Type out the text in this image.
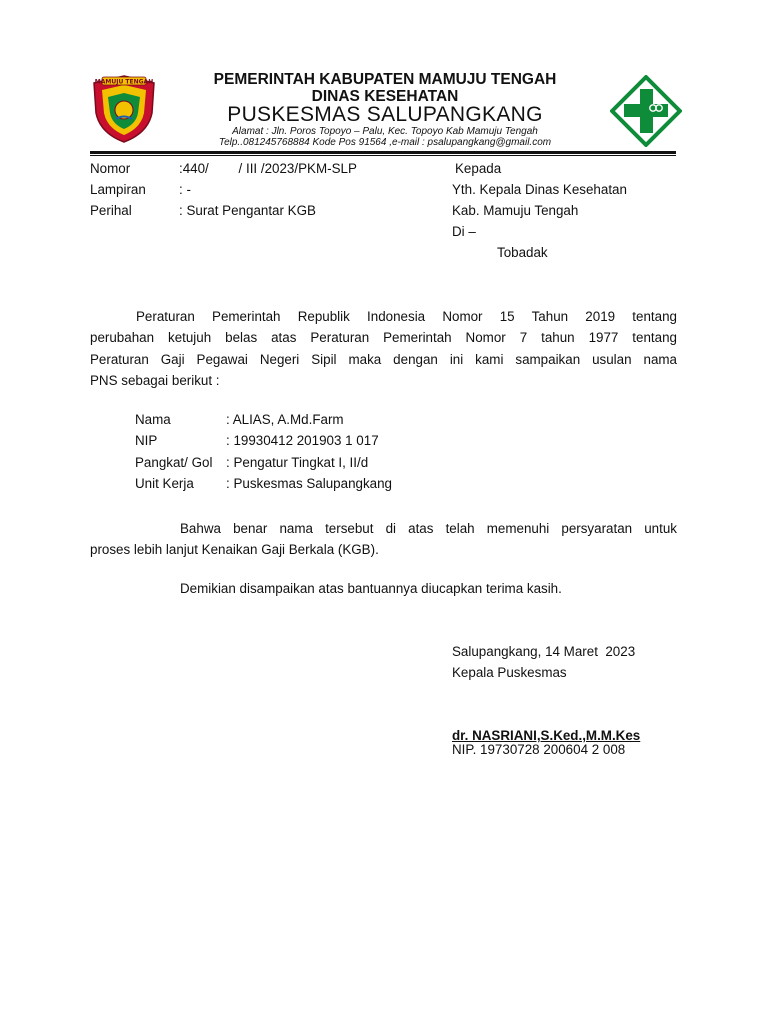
MAMUJU TENGAH	PEMERINTAH KABUPATEN MAMUJU TENGAH
DINAS KESEHATAN
PUSKESMAS SALUPANGKANG
Alamat : Jln. Poros Topoyo – Palu, Kec. Topoyo Kab Mamuju Tengah
Telp..081245768884 Kode Pos 91564 ,e-mail : psalupangkang@gmail.com
Nomor	:440/        / III /2023/PKM-SLP
Lampiran : -
Perihal	: Surat Pengantar KGB
Kepada
Yth. Kepala Dinas Kesehatan
Kab. Mamuju Tengah
Di –
Tobadak
Peraturan Pemerintah Republik Indonesia Nomor 15 Tahun 2019 tentang
perubahan ketujuh belas atas Peraturan Pemerintah Nomor 7 tahun 1977 tentang
Peraturan Gaji Pegawai Negeri Sipil maka dengan ini kami sampaikan usulan nama
PNS sebagai berikut :
Nama	: ALIAS, A.Md.Farm
NIP	: 19930412 201903 1 017
Pangkat/ Gol : Pengatur Tingkat I, II/d
Unit Kerja : Puskesmas Salupangkang
Bahwa benar nama tersebut di atas telah memenuhi persyaratan untuk
proses lebih lanjut Kenaikan Gaji Berkala (KGB).
Demikian disampaikan atas bantuannya diucapkan terima kasih.
Salupangkang, 14 Maret  2023
Kepala Puskesmas
dr. NASRIANI,S.Ked.,M.M.Kes
NIP. 19730728 200604 2 008
